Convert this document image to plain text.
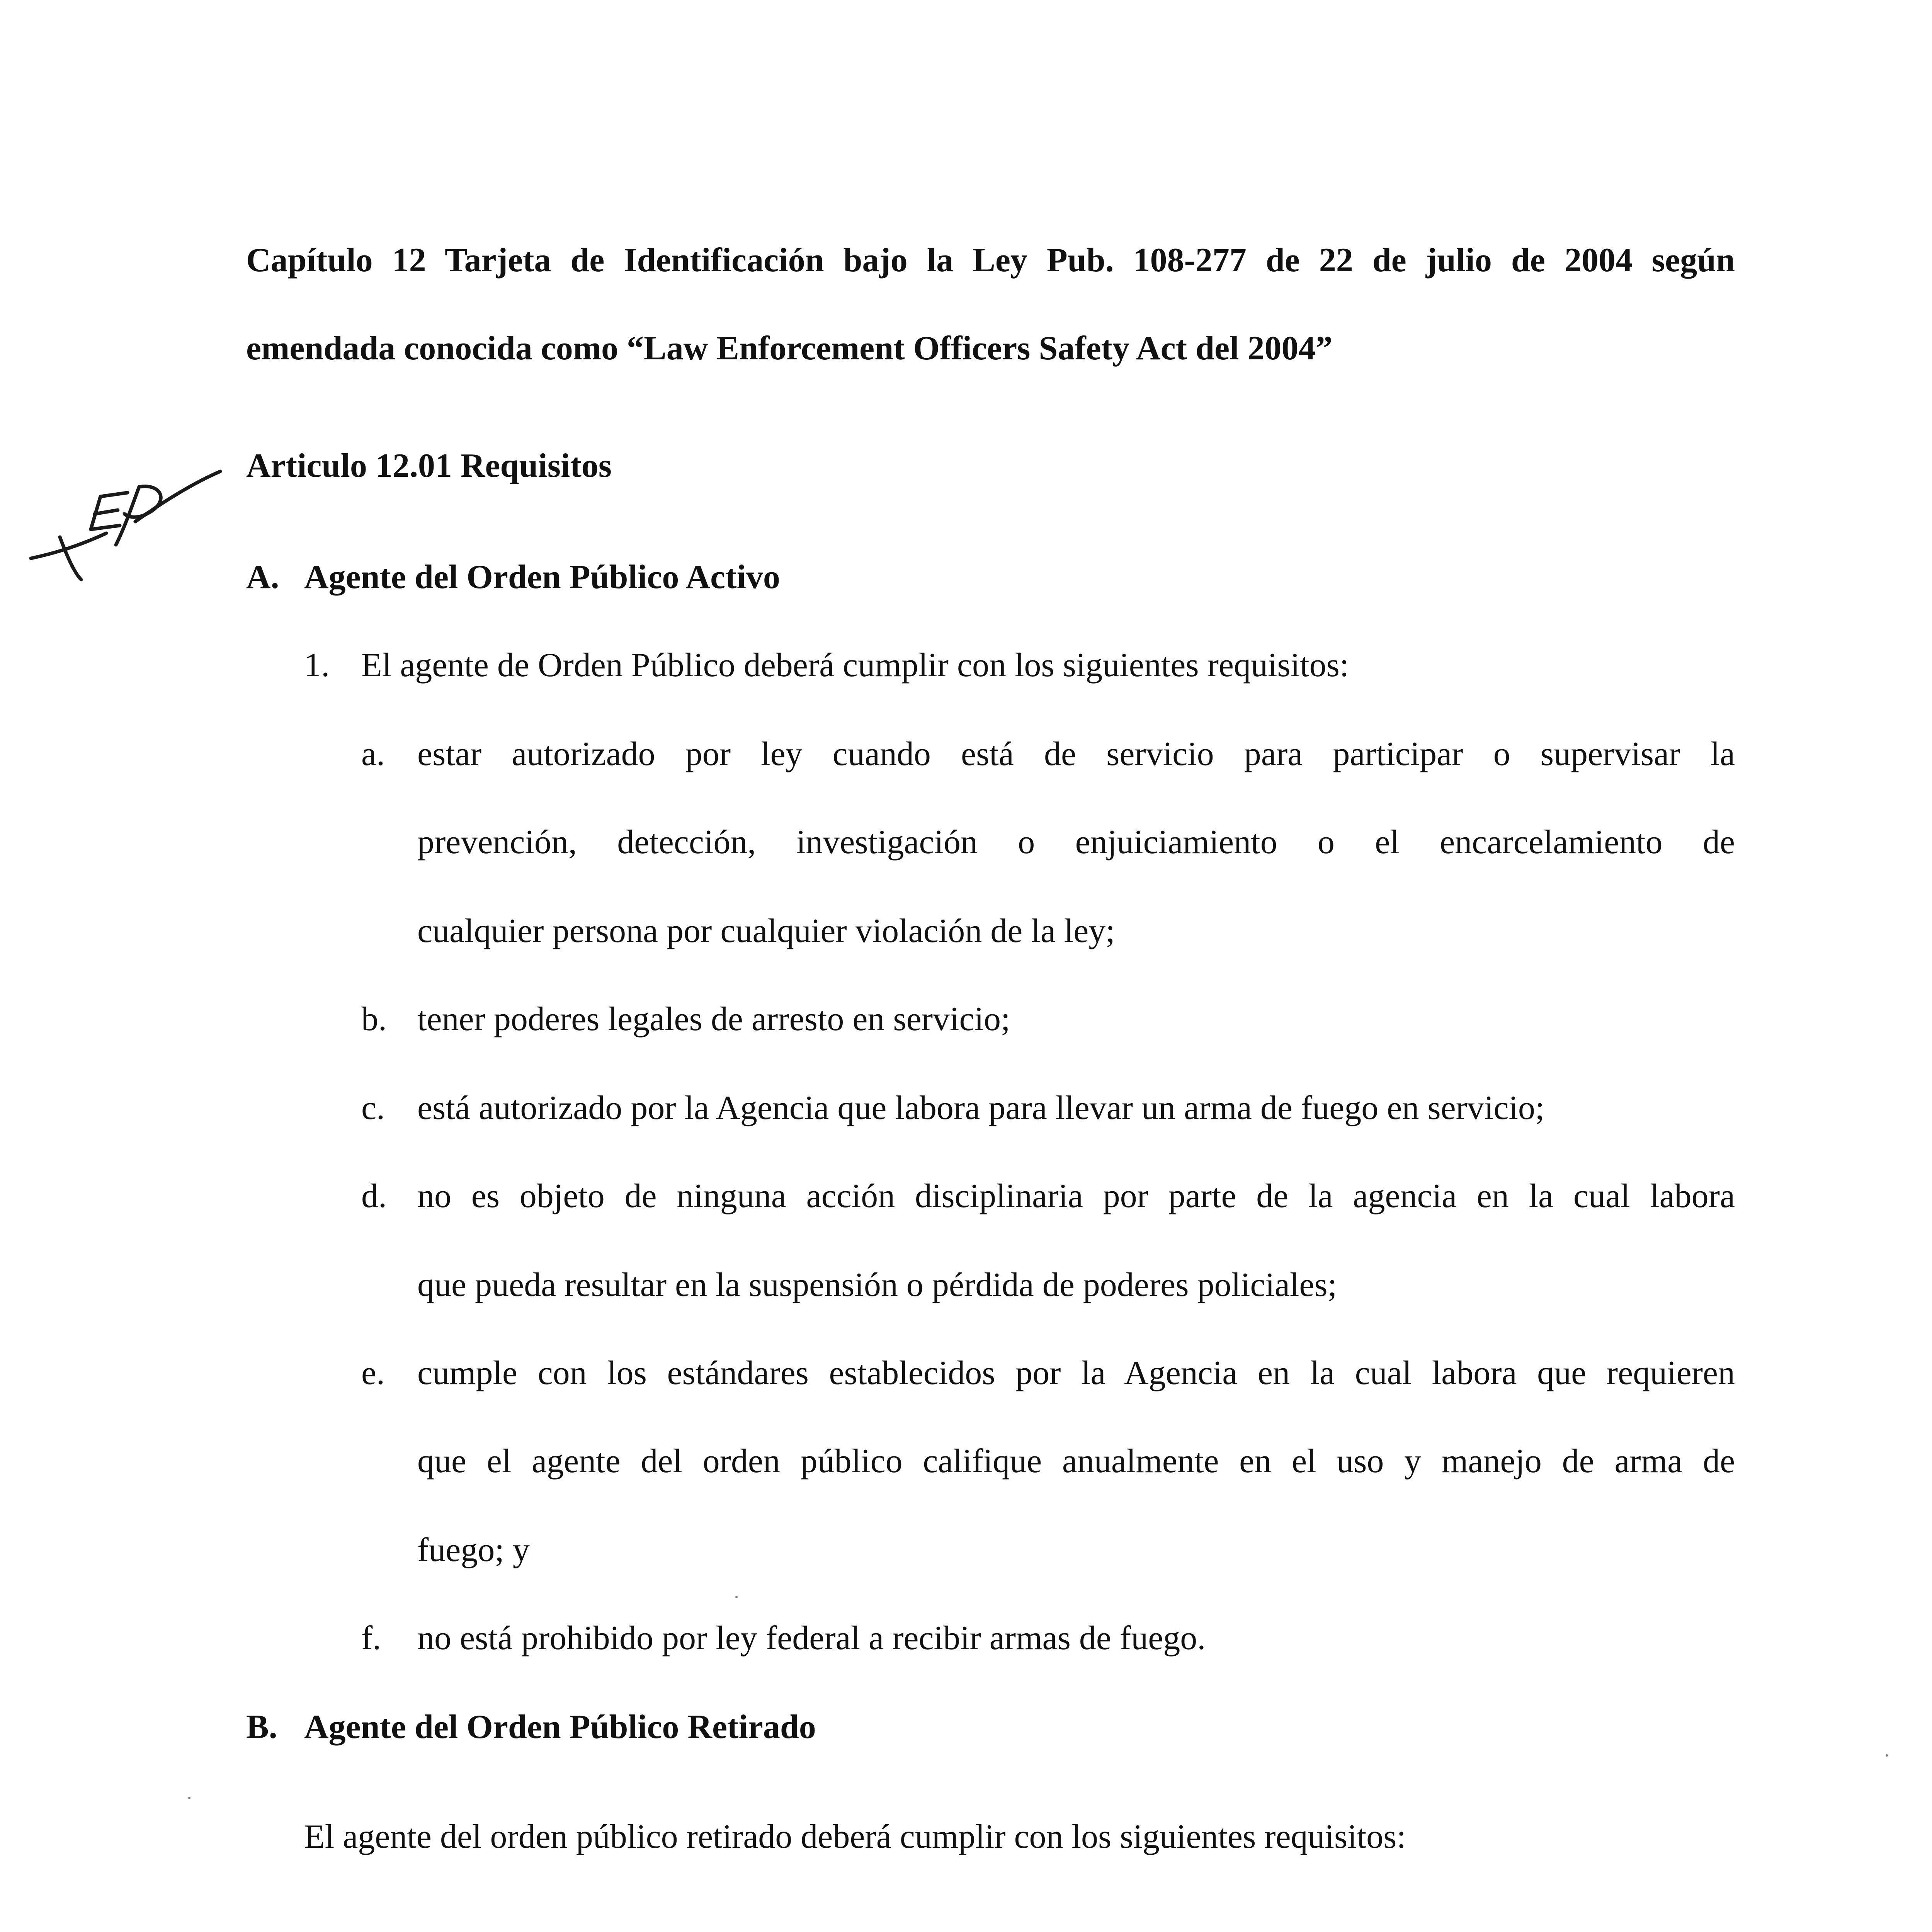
Capítulo 12 Tarjeta de Identificación bajo la Ley Pub. 108-277 de 22 de julio de 2004 según
emendada conocida como “Law Enforcement Officers Safety Act del 2004”
Articulo 12.01 Requisitos
A. Agente del Orden Público Activo
1. El agente de Orden Público deberá cumplir con los siguientes requisitos:
a. estar autorizado por ley cuando está de servicio para participar o supervisar la
prevención, detección, investigación o enjuiciamiento o el encarcelamiento de
cualquier persona por cualquier violación de la ley;
b. tener poderes legales de arresto en servicio;
c. está autorizado por la Agencia que labora para llevar un arma de fuego en servicio;
d. no es objeto de ninguna acción disciplinaria por parte de la agencia en la cual labora
que pueda resultar en la suspensión o pérdida de poderes policiales;
e. cumple con los estándares establecidos por la Agencia en la cual labora que requieren
que el agente del orden público califique anualmente en el uso y manejo de arma de
fuego; y
f. no está prohibido por ley federal a recibir armas de fuego.
B. Agente del Orden Público Retirado
El agente del orden público retirado deberá cumplir con los siguientes requisitos:
